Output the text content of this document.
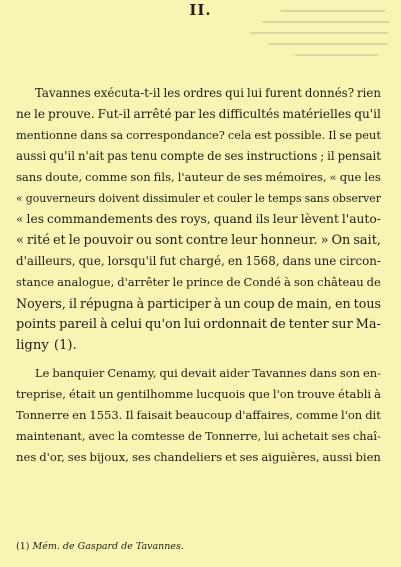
II.
Tavannes exécuta-t-il les ordres qui lui furent donnés? rien
ne le prouve. Fut-il arrêté par les difficultés matérielles qu'il
mentionne dans sa correspondance? cela est possible. Il se peut
aussi qu'il n'ait pas tenu compte de ses instructions ; il pensait
sans doute, comme son fils, l'auteur de ses mémoires, « que les
« gouverneurs doivent dissimuler et couler le temps sans observer
« les commandements des roys, quand ils leur lèvent l'auto-
« rité et le pouvoir ou sont contre leur honneur. » On sait,
d'ailleurs, que, lorsqu'il fut chargé, en 1568, dans une circon-
stance analogue, d'arrêter le prince de Condé à son château de
Noyers, il répugna à participer à un coup de main, en tous
points pareil à celui qu'on lui ordonnait de tenter sur Ma-
ligny (1).
Le banquier Cenamy, qui devait aider Tavannes dans son en-
treprise, était un gentilhomme lucquois que l'on trouve établi à
Tonnerre en 1553. Il faisait beaucoup d'affaires, comme l'on dit
maintenant, avec la comtesse de Tonnerre, lui achetait ses chaî-
nes d'or, ses bijoux, ses chandeliers et ses aiguières, aussi bien
(1) Mém. de Gaspard de Tavannes.
